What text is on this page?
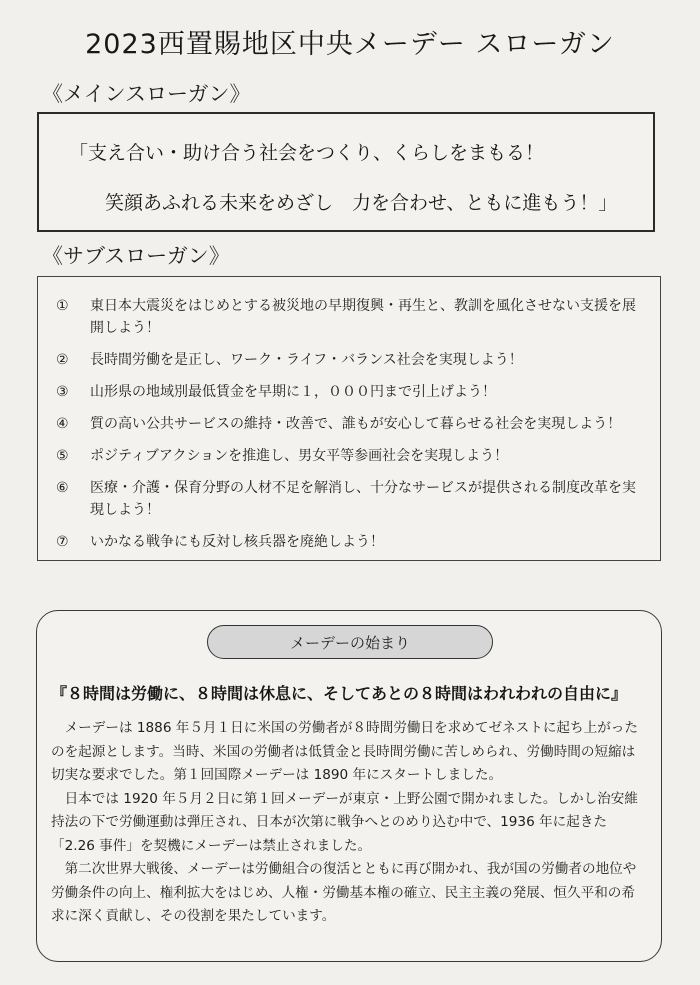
2023西置賜地区中央メーデー スローガン
《メインスローガン》
「支え合い・助け合う社会をつくり、くらしをまもる！
笑顔あふれる未来をめざし　力を合わせ、ともに進もう！」
《サブスローガン》
① 東日本大震災をはじめとする被災地の早期復興・再生と、教訓を風化させない支援を展開しよう！
② 長時間労働を是正し、ワーク・ライフ・バランス社会を実現しよう！
③ 山形県の地域別最低賃金を早期に１，０００円まで引上げよう！
④ 質の高い公共サービスの維持・改善で、誰もが安心して暮らせる社会を実現しよう！
⑤ ポジティブアクションを推進し、男女平等参画社会を実現しよう！
⑥ 医療・介護・保育分野の人材不足を解消し、十分なサービスが提供される制度改革を実現しよう！
⑦ いかなる戦争にも反対し核兵器を廃絶しよう！
メーデーの始まり
『８時間は労働に、８時間は休息に、そしてあとの８時間はわれわれの自由に』

メーデーは 1886 年５月１日に米国の労働者が８時間労働日を求めてゼネストに起ち上がったのを起源とします。当時、米国の労働者は低賃金と長時間労働に苦しめられ、労働時間の短縮は切実な要求でした。第１回国際メーデーは 1890 年にスタートしました。

日本では 1920 年５月２日に第１回メーデーが東京・上野公園で開かれました。しかし治安維持法の下で労働運動は弾圧され、日本が次第に戦争へとのめり込む中で、1936 年に起きた「2.26 事件」を契機にメーデーは禁止されました。

第二次世界大戦後、メーデーは労働組合の復活とともに再び開かれ、我が国の労働者の地位や労働条件の向上、権利拡大をはじめ、人権・労働基本権の確立、民主主義の発展、恒久平和の希求に深く貢献し、その役割を果たしています。
